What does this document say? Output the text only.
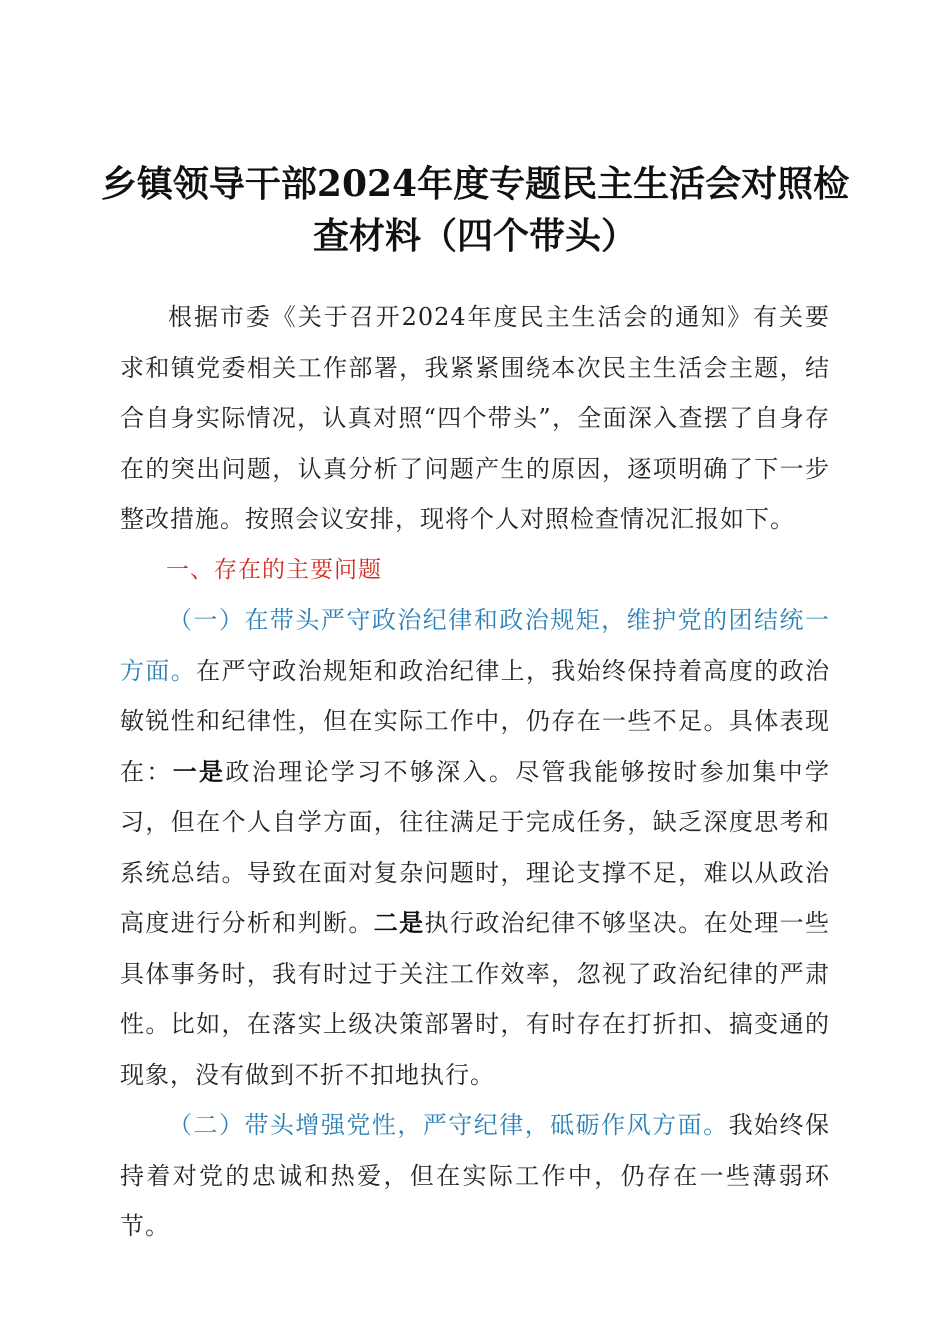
乡镇领导干部2024年度专题民主生活会对照检
查材料（四个带头）

根据市委《关于召开2024年度民主生活会的通知》有关要求和镇党委相关工作部署，我紧紧围绕本次民主生活会主题，结合自身实际情况，认真对照“四个带头”，全面深入查摆了自身存在的突出问题，认真分析了问题产生的原因，逐项明确了下一步整改措施。按照会议安排，现将个人对照检查情况汇报如下。

一、存在的主要问题

（一）在带头严守政治纪律和政治规矩，维护党的团结统一方面。在严守政治规矩和政治纪律上，我始终保持着高度的政治敏锐性和纪律性，但在实际工作中，仍存在一些不足。具体表现在：一是政治理论学习不够深入。尽管我能够按时参加集中学习，但在个人自学方面，往往满足于完成任务，缺乏深度思考和系统总结。导致在面对复杂问题时，理论支撑不足，难以从政治高度进行分析和判断。二是执行政治纪律不够坚决。在处理一些具体事务时，我有时过于关注工作效率，忽视了政治纪律的严肃性。比如，在落实上级决策部署时，有时存在打折扣、搞变通的现象，没有做到不折不扣地执行。

（二）带头增强党性，严守纪律，砥砺作风方面。我始终保持着对党的忠诚和热爱，但在实际工作中，仍存在一些薄弱环节。
